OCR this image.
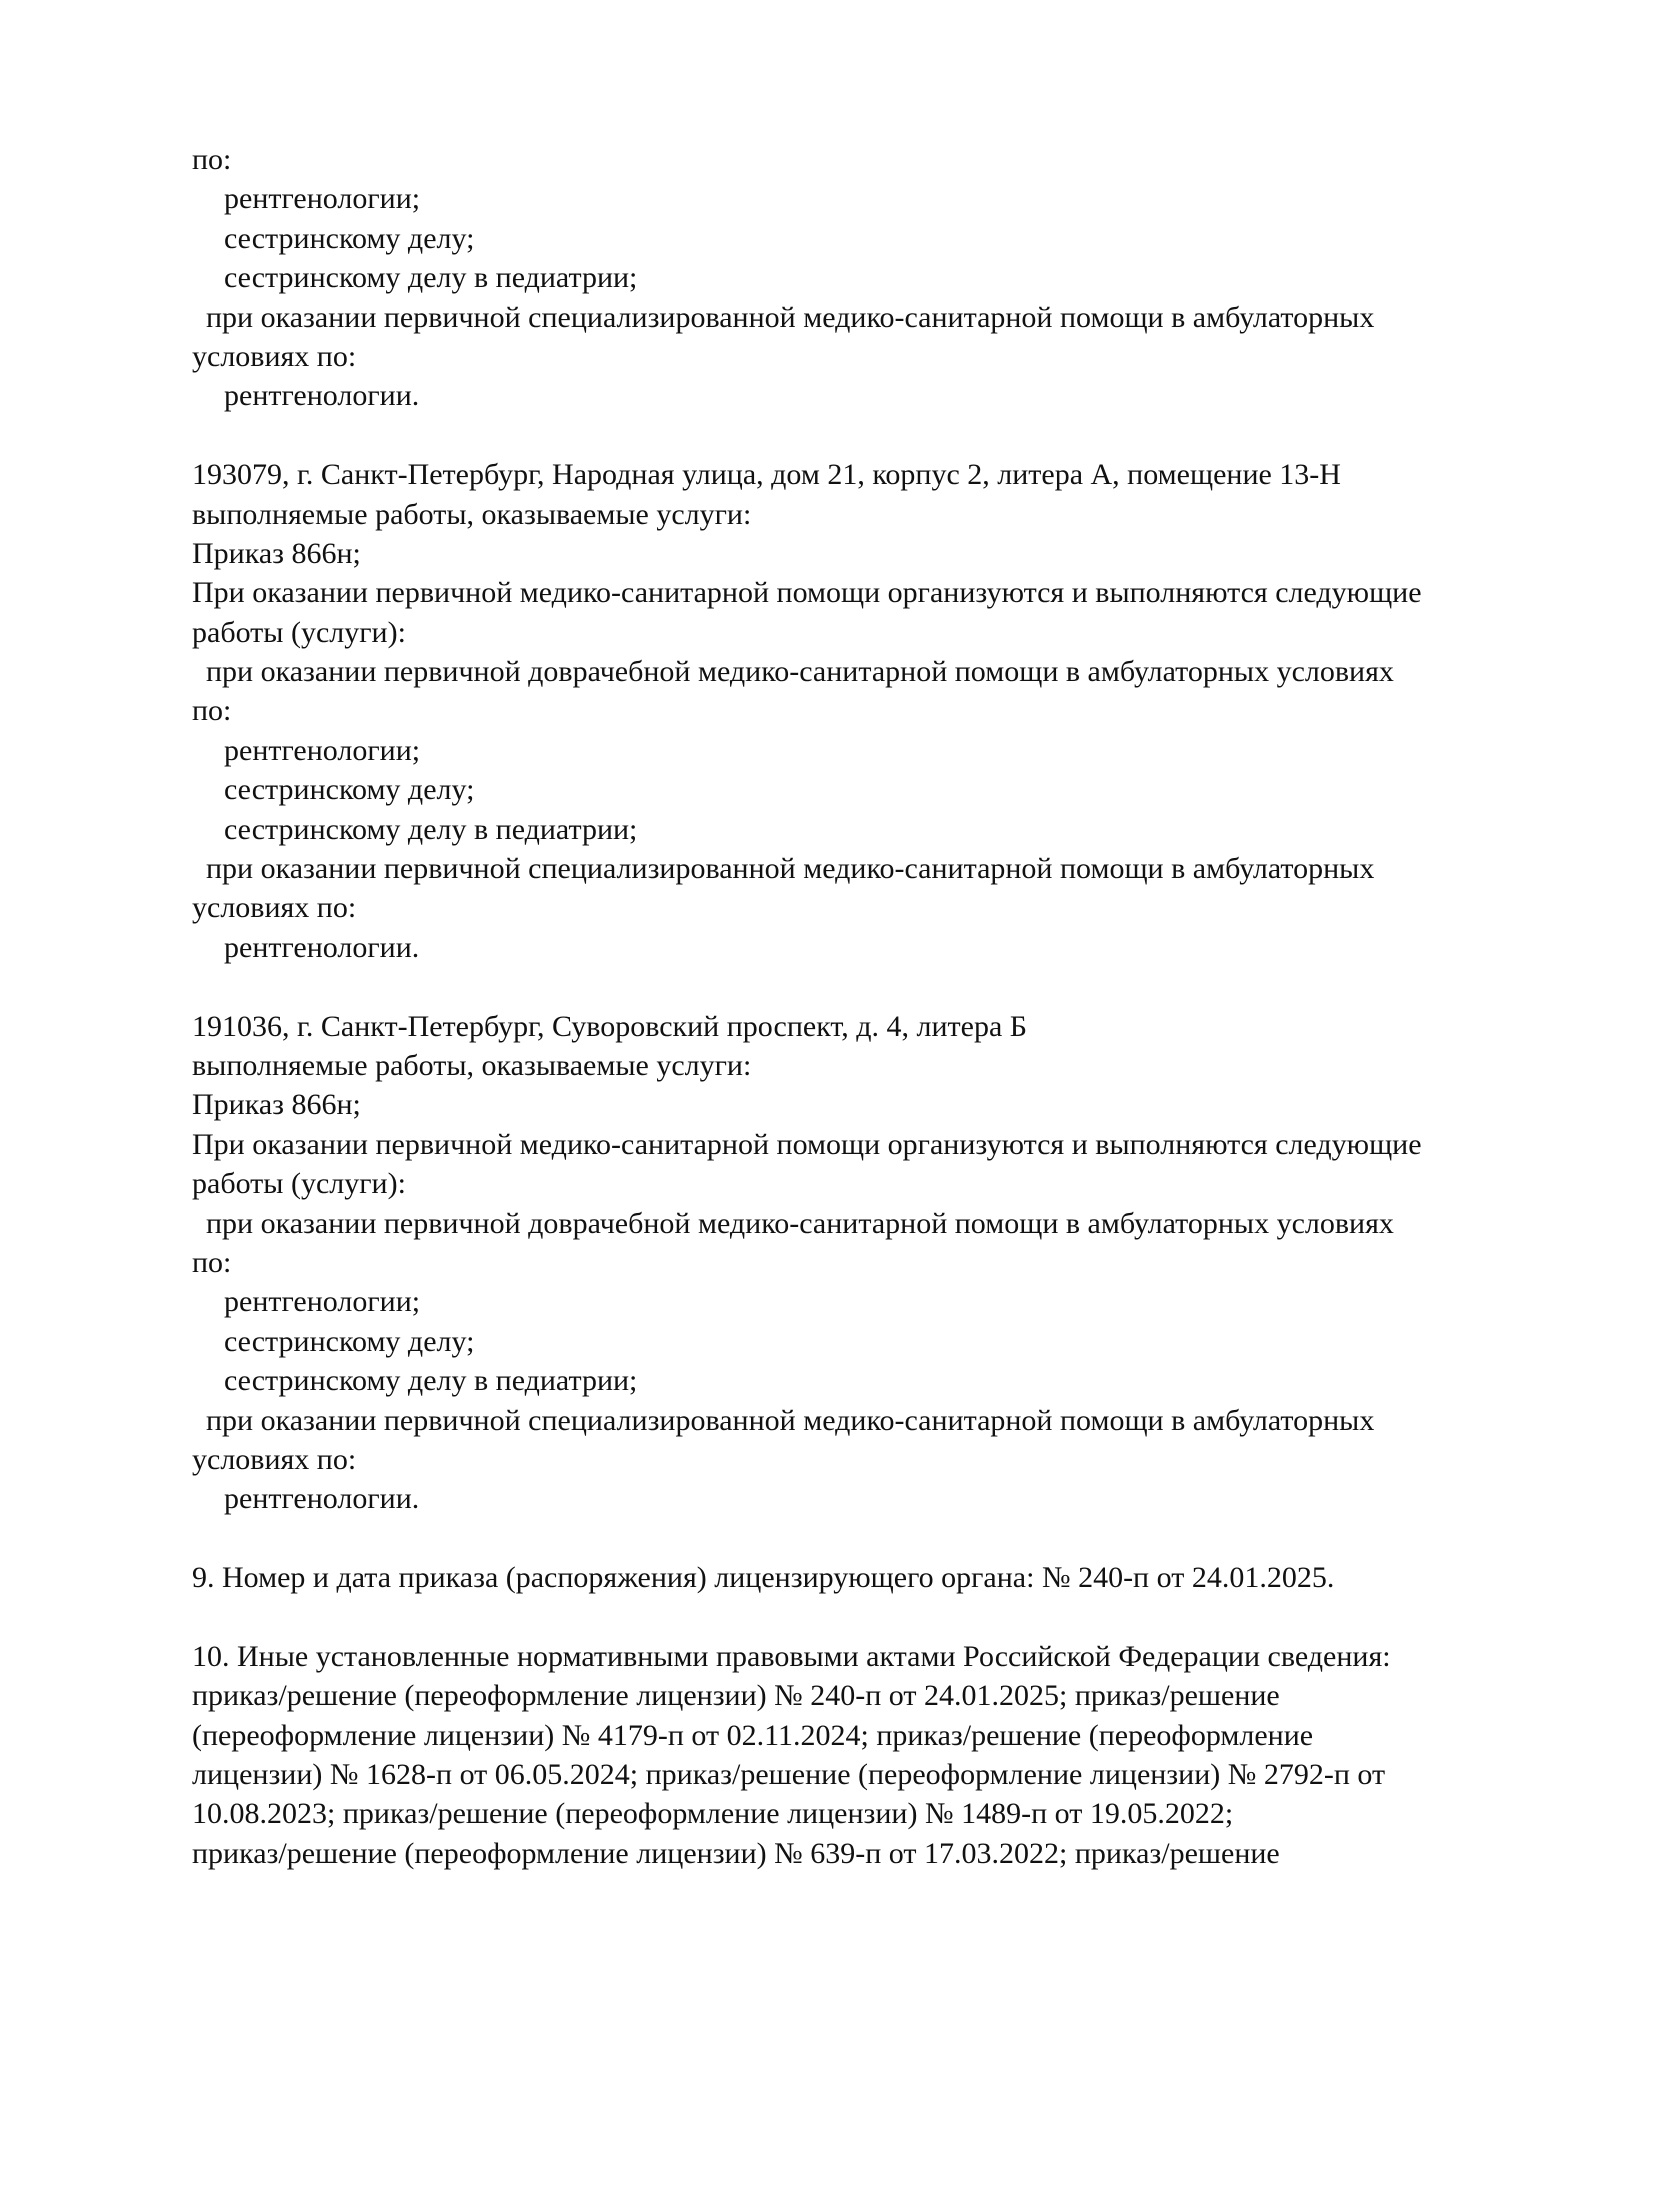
по:
рентгенологии;
сестринскому делу;
сестринскому делу в педиатрии;
при оказании первичной специализированной медико-санитарной помощи в амбулаторных
условиях по:
рентгенологии.
193079, г. Санкт-Петербург, Народная улица, дом 21, корпус 2, литера А, помещение 13-Н
выполняемые работы, оказываемые услуги:
Приказ 866н;
При оказании первичной медико-санитарной помощи организуются и выполняются следующие
работы (услуги):
при оказании первичной доврачебной медико-санитарной помощи в амбулаторных условиях
по:
рентгенологии;
сестринскому делу;
сестринскому делу в педиатрии;
при оказании первичной специализированной медико-санитарной помощи в амбулаторных
условиях по:
рентгенологии.
191036, г. Санкт-Петербург, Суворовский проспект, д. 4, литера Б
выполняемые работы, оказываемые услуги:
Приказ 866н;
При оказании первичной медико-санитарной помощи организуются и выполняются следующие
работы (услуги):
при оказании первичной доврачебной медико-санитарной помощи в амбулаторных условиях
по:
рентгенологии;
сестринскому делу;
сестринскому делу в педиатрии;
при оказании первичной специализированной медико-санитарной помощи в амбулаторных
условиях по:
рентгенологии.
9. Номер и дата приказа (распоряжения) лицензирующего органа: № 240-п от 24.01.2025.
10. Иные установленные нормативными правовыми актами Российской Федерации сведения:
приказ/решение (переоформление лицензии) № 240-п от 24.01.2025; приказ/решение
(переоформление лицензии) № 4179-п от 02.11.2024; приказ/решение (переоформление
лицензии) № 1628-п от 06.05.2024; приказ/решение (переоформление лицензии) № 2792-п от
10.08.2023; приказ/решение (переоформление лицензии) № 1489-п от 19.05.2022;
приказ/решение (переоформление лицензии) № 639-п от 17.03.2022; приказ/решение
